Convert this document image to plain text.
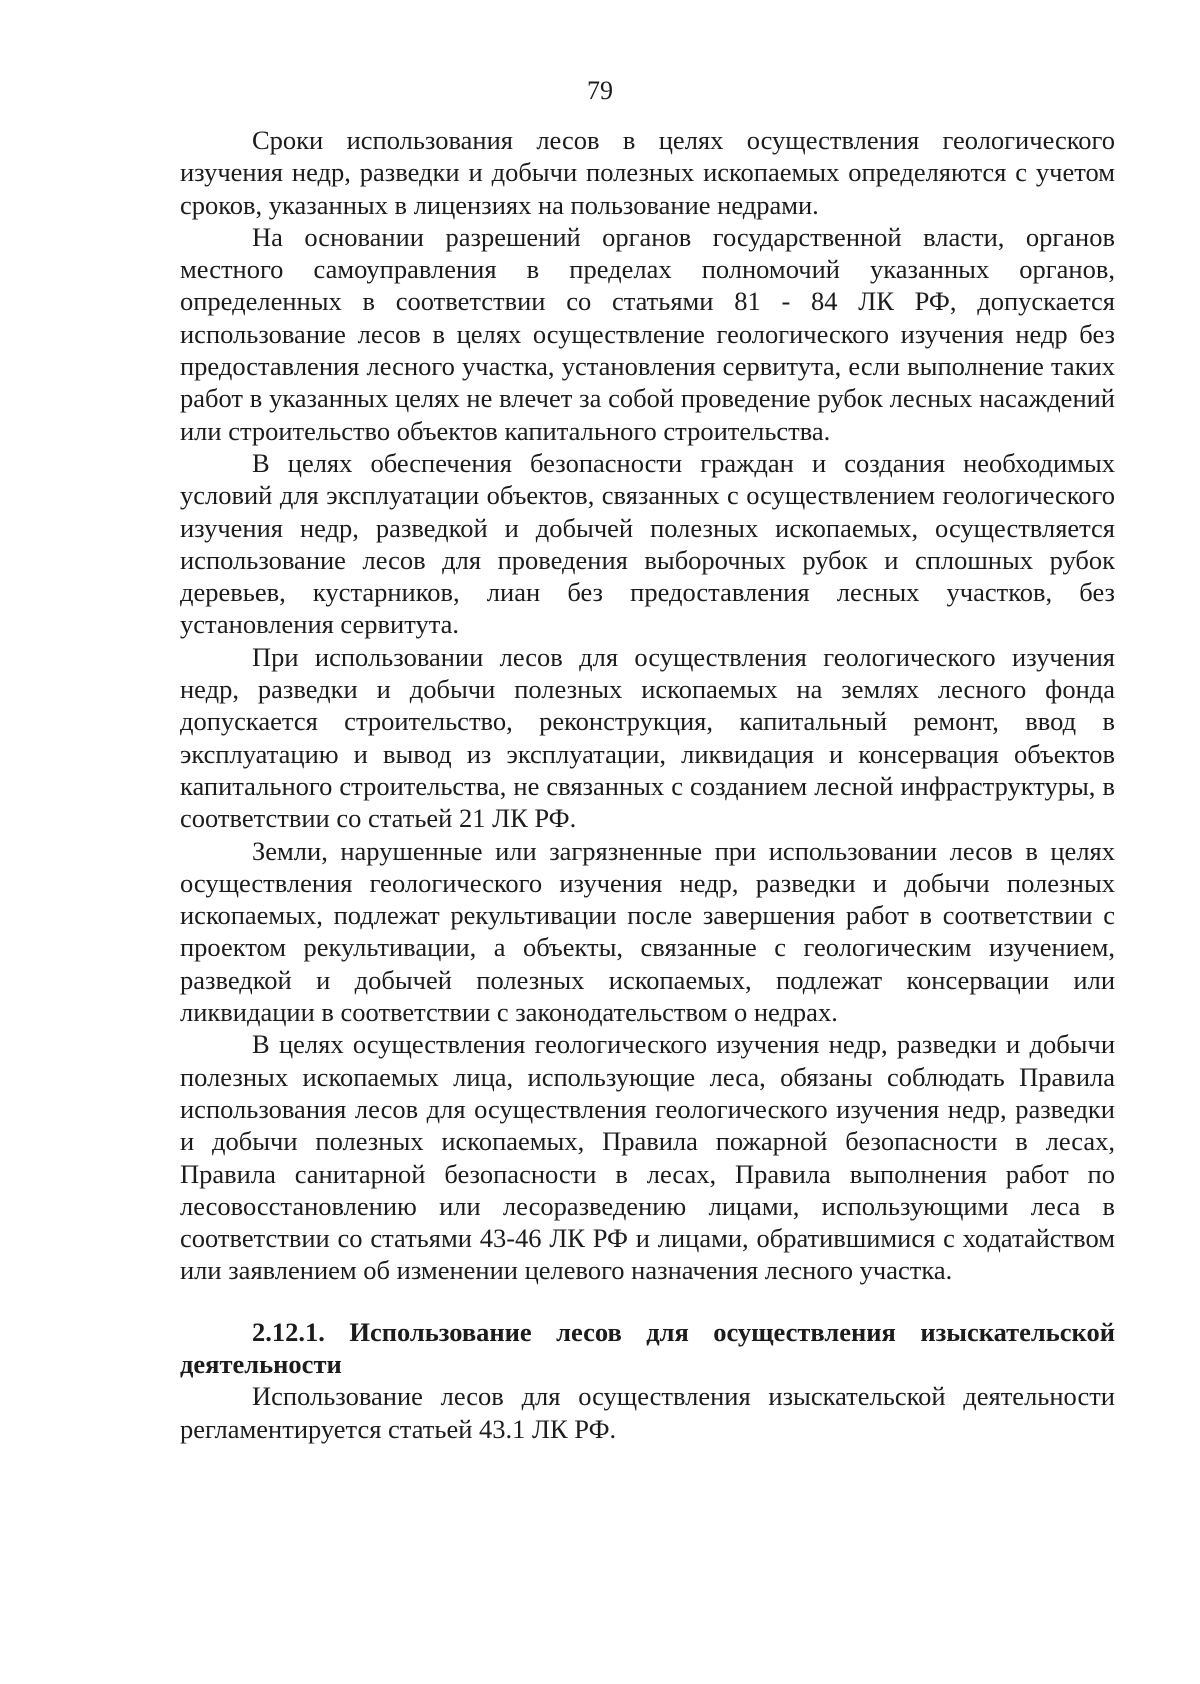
79

Сроки использования лесов в целях осуществления геологического изучения недр, разведки и добычи полезных ископаемых определяются с учетом сроков, указанных в лицензиях на пользование недрами.

На основании разрешений органов государственной власти, органов местного самоуправления в пределах полномочий указанных органов, определенных в соответствии со статьями 81 - 84 ЛК РФ, допускается использование лесов в целях осуществление геологического изучения недр без предоставления лесного участка, установления сервитута, если выполнение таких работ в указанных целях не влечет за собой проведение рубок лесных насаждений или строительство объектов капитального строительства.

В целях обеспечения безопасности граждан и создания необходимых условий для эксплуатации объектов, связанных с осуществлением геологического изучения недр, разведкой и добычей полезных ископаемых, осуществляется использование лесов для проведения выборочных рубок и сплошных рубок деревьев, кустарников, лиан без предоставления лесных участков, без установления сервитута.

При использовании лесов для осуществления геологического изучения недр, разведки и добычи полезных ископаемых на землях лесного фонда допускается строительство, реконструкция, капитальный ремонт, ввод в эксплуатацию и вывод из эксплуатации, ликвидация и консервация объектов капитального строительства, не связанных с созданием лесной инфраструктуры, в соответствии со статьей 21 ЛК РФ.

Земли, нарушенные или загрязненные при использовании лесов в целях осуществления геологического изучения недр, разведки и добычи полезных ископаемых, подлежат рекультивации после завершения работ в соответствии с проектом рекультивации, а объекты, связанные с геологическим изучением, разведкой и добычей полезных ископаемых, подлежат консервации или ликвидации в соответствии с законодательством о недрах.

В целях осуществления геологического изучения недр, разведки и добычи полезных ископаемых лица, использующие леса, обязаны соблюдать Правила использования лесов для осуществления геологического изучения недр, разведки и добычи полезных ископаемых, Правила пожарной безопасности в лесах, Правила санитарной безопасности в лесах, Правила выполнения работ по лесовосстановлению или лесоразведению лицами, использующими леса в соответствии со статьями 43-46 ЛК РФ и лицами, обратившимися с ходатайством или заявлением об изменении целевого назначения лесного участка.

2.12.1. Использование лесов для осуществления изыскательской деятельности

Использование лесов для осуществления изыскательской деятельности регламентируется статьей 43.1 ЛК РФ.
